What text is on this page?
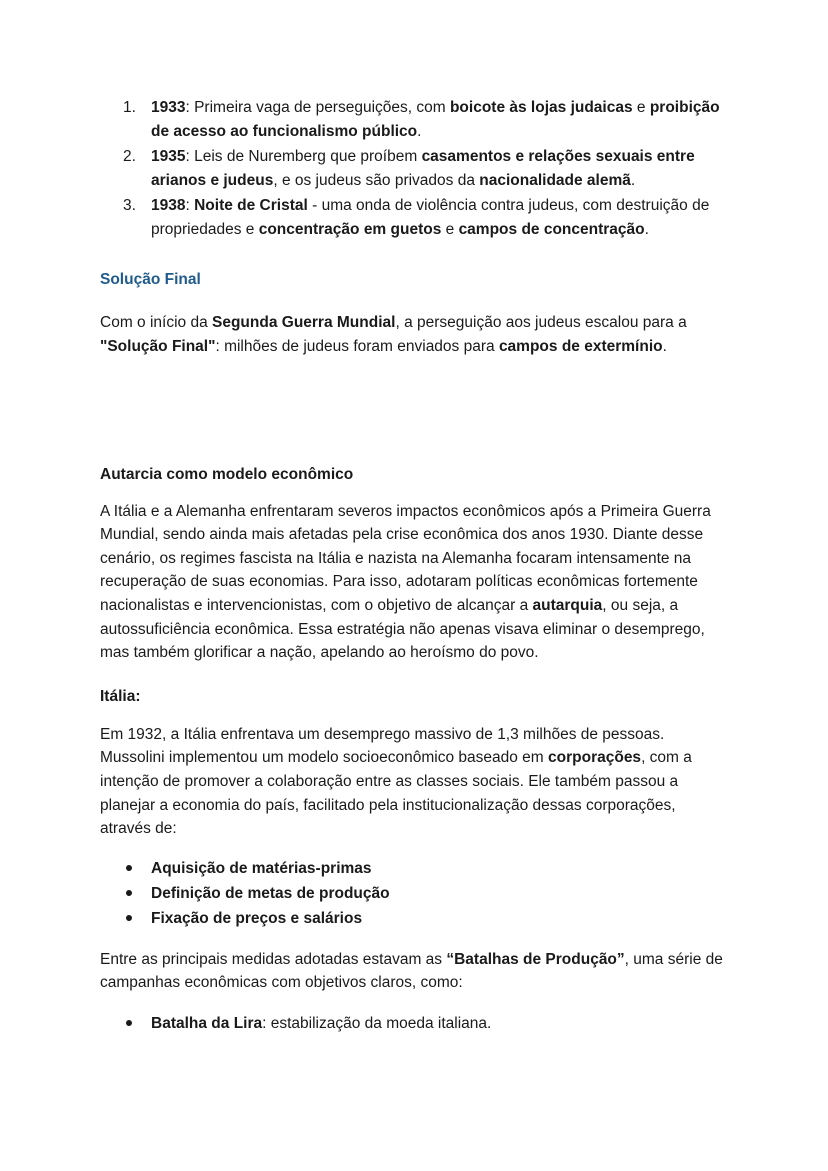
1. 1933: Primeira vaga de perseguições, com boicote às lojas judaicas e proibição de acesso ao funcionalismo público.
2. 1935: Leis de Nuremberg que proíbem casamentos e relações sexuais entre arianos e judeus, e os judeus são privados da nacionalidade alemã.
3. 1938: Noite de Cristal - uma onda de violência contra judeus, com destruição de propriedades e concentração em guetos e campos de concentração.
Solução Final

Com o início da Segunda Guerra Mundial, a perseguição aos judeus escalou para a "Solução Final": milhões de judeus foram enviados para campos de extermínio.

Autarcia como modelo econômico

A Itália e a Alemanha enfrentaram severos impactos econômicos após a Primeira Guerra Mundial, sendo ainda mais afetadas pela crise econômica dos anos 1930. Diante desse cenário, os regimes fascista na Itália e nazista na Alemanha focaram intensamente na recuperação de suas economias. Para isso, adotaram políticas econômicas fortemente nacionalistas e intervencionistas, com o objetivo de alcançar a autarquia, ou seja, a autossuficiência econômica. Essa estratégia não apenas visava eliminar o desemprego, mas também glorificar a nação, apelando ao heroísmo do povo.

Itália:

Em 1932, a Itália enfrentava um desemprego massivo de 1,3 milhões de pessoas. Mussolini implementou um modelo socioeconômico baseado em corporações, com a intenção de promover a colaboração entre as classes sociais. Ele também passou a planejar a economia do país, facilitado pela institucionalização dessas corporações, através de:

Aquisição de matérias-primas
Definição de metas de produção
Fixação de preços e salários

Entre as principais medidas adotadas estavam as “Batalhas de Produção”, uma série de campanhas econômicas com objetivos claros, como:

Batalha da Lira: estabilização da moeda italiana.
